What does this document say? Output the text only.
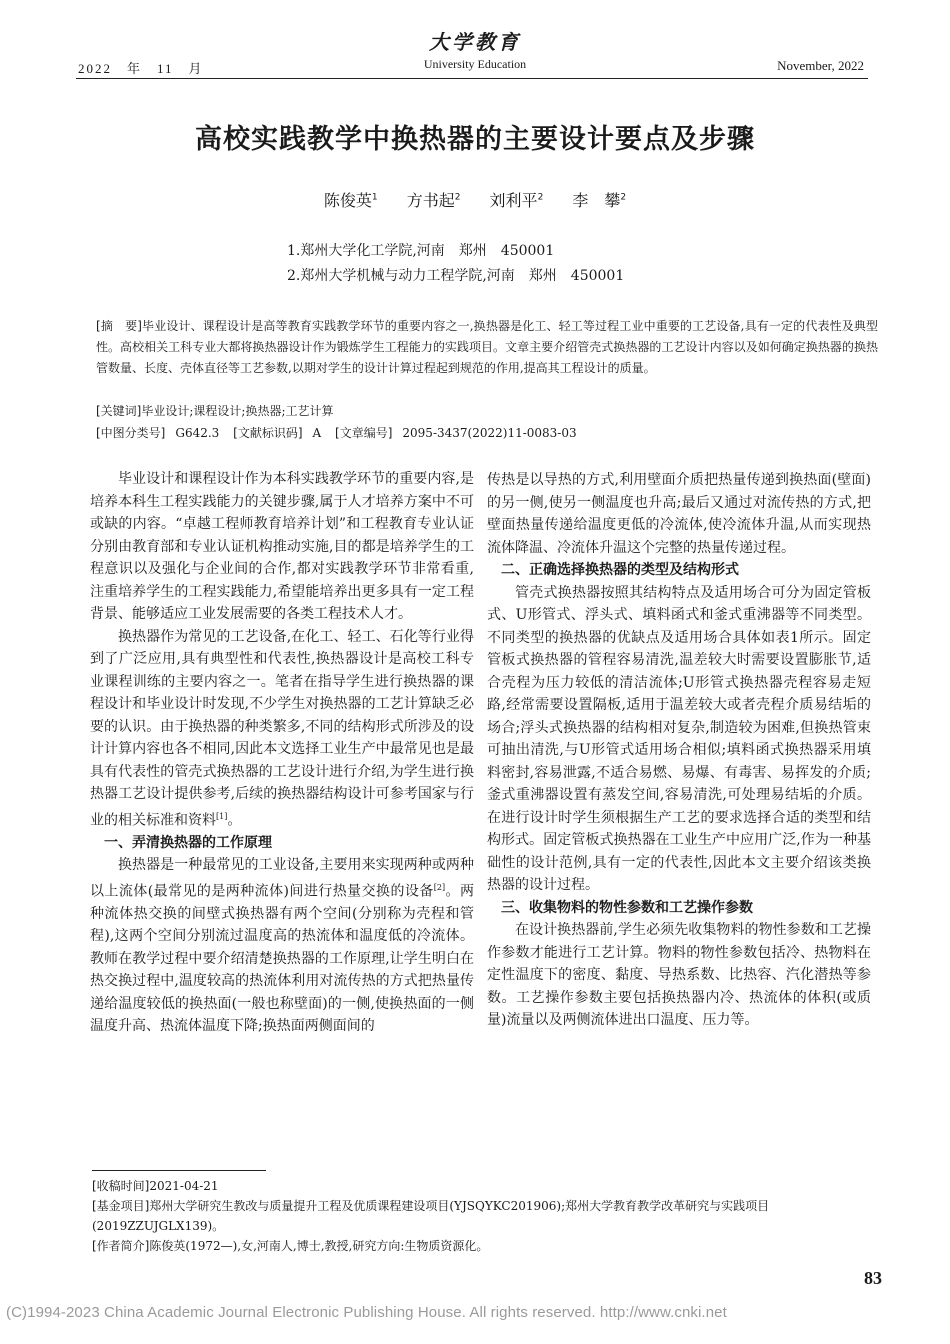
2022　年　11　月
大学教育
University Education	November, 2022
高校实践教学中换热器的主要设计要点及步骤
陈俊英$^1$ 方书起$^2$ 刘利平$^2$ 李　攀$^2$
1.郑州大学化工学院,河南　郑州　450001
2.郑州大学机械与动力工程学院,河南　郑州　450001
[摘　要]毕业设计、课程设计是高等教育实践教学环节的重要内容之一,换热器是化工、轻工等过程工业中重要的工艺设备,具有一定的代表性及典型性。高校相关工科专业大都将换热器设计作为锻炼学生工程能力的实践项目。文章主要介绍管壳式换热器的工艺设计内容以及如何确定换热器的换热管数量、长度、壳体直径等工艺参数,以期对学生的设计计算过程起到规范的作用,提高其工程设计的质量。
[关键词]毕业设计;课程设计;换热器;工艺计算
[中图分类号] G642.3 [文献标识码] A [文章编号] 2095-3437(2022)11-0083-03

毕业设计和课程设计作为本科实践教学环节的重要内容,是培养本科生工程实践能力的关键步骤,属于人才培养方案中不可或缺的内容。“卓越工程师教育培养计划”和工程教育专业认证分别由教育部和专业认证机构推动实施,目的都是培养学生的工程意识以及强化与企业间的合作,都对实践教学环节非常看重,注重培养学生的工程实践能力,希望能培养出更多具有一定工程背景、能够适应工业发展需要的各类工程技术人才。

换热器作为常见的工艺设备,在化工、轻工、石化等行业得到了广泛应用,具有典型性和代表性,换热器设计是高校工科专业课程训练的主要内容之一。笔者在指导学生进行换热器的课程设计和毕业设计时发现,不少学生对换热器的工艺计算缺乏必要的认识。由于换热器的种类繁多,不同的结构形式所涉及的设计计算内容也各不相同,因此本文选择工业生产中最常见也是最具有代表性的管壳式换热器的工艺设计进行介绍,为学生进行换热器工艺设计提供参考,后续的换热器结构设计可参考国家与行业的相关标准和资料[1]。

一、弄清换热器的工作原理

换热器是一种最常见的工业设备,主要用来实现两种或两种以上流体(最常见的是两种流体)间进行热量交换的设备[2]。两种流体热交换的间壁式换热器有两个空间(分别称为壳程和管程),这两个空间分别流过温度高的热流体和温度低的冷流体。教师在教学过程中要介绍清楚换热器的工作原理,让学生明白在热交换过程中,温度较高的热流体利用对流传热的方式把热量传递给温度较低的换热面(一般也称壁面)的一侧,使换热面的一侧温度升高、热流体温度下降;换热面两侧面间的

传热是以导热的方式,利用壁面介质把热量传递到换热面(壁面)的另一侧,使另一侧温度也升高;最后又通过对流传热的方式,把壁面热量传递给温度更低的冷流体,使冷流体升温,从而实现热流体降温、冷流体升温这个完整的热量传递过程。

二、正确选择换热器的类型及结构形式

管壳式换热器按照其结构特点及适用场合可分为固定管板式、U形管式、浮头式、填料函式和釜式重沸器等不同类型。不同类型的换热器的优缺点及适用场合具体如表1所示。固定管板式换热器的管程容易清洗,温差较大时需要设置膨胀节,适合壳程为压力较低的清洁流体;U形管式换热器壳程容易走短路,经常需要设置隔板,适用于温差较大或者壳程介质易结垢的场合;浮头式换热器的结构相对复杂,制造较为困难,但换热管束可抽出清洗,与U形管式适用场合相似;填料函式换热器采用填料密封,容易泄露,不适合易燃、易爆、有毒害、易挥发的介质;釜式重沸器设置有蒸发空间,容易清洗,可处理易结垢的介质。在进行设计时学生须根据生产工艺的要求选择合适的类型和结构形式。固定管板式换热器在工业生产中应用广泛,作为一种基础性的设计范例,具有一定的代表性,因此本文主要介绍该类换热器的设计过程。

三、收集物料的物性参数和工艺操作参数

在设计换热器前,学生必须先收集物料的物性参数和工艺操作参数才能进行工艺计算。物料的物性参数包括冷、热物料在定性温度下的密度、黏度、导热系数、比热容、汽化潜热等参数。工艺操作参数主要包括换热器内冷、热流体的体积(或质量)流量以及两侧流体进出口温度、压力等。

[收稿时间]2021-04-21

[基金项目]郑州大学研究生教改与质量提升工程及优质课程建设项目(YJSQYKC201906);郑州大学教育教学改革研究与实践项目(2019ZZUJGLX139)。

[作者简介]陈俊英(1972—),女,河南人,博士,教授,研究方向:生物质资源化。

83
(C)1994-2023 China Academic Journal Electronic Publishing House. All rights reserved. http://www.cnki.net
